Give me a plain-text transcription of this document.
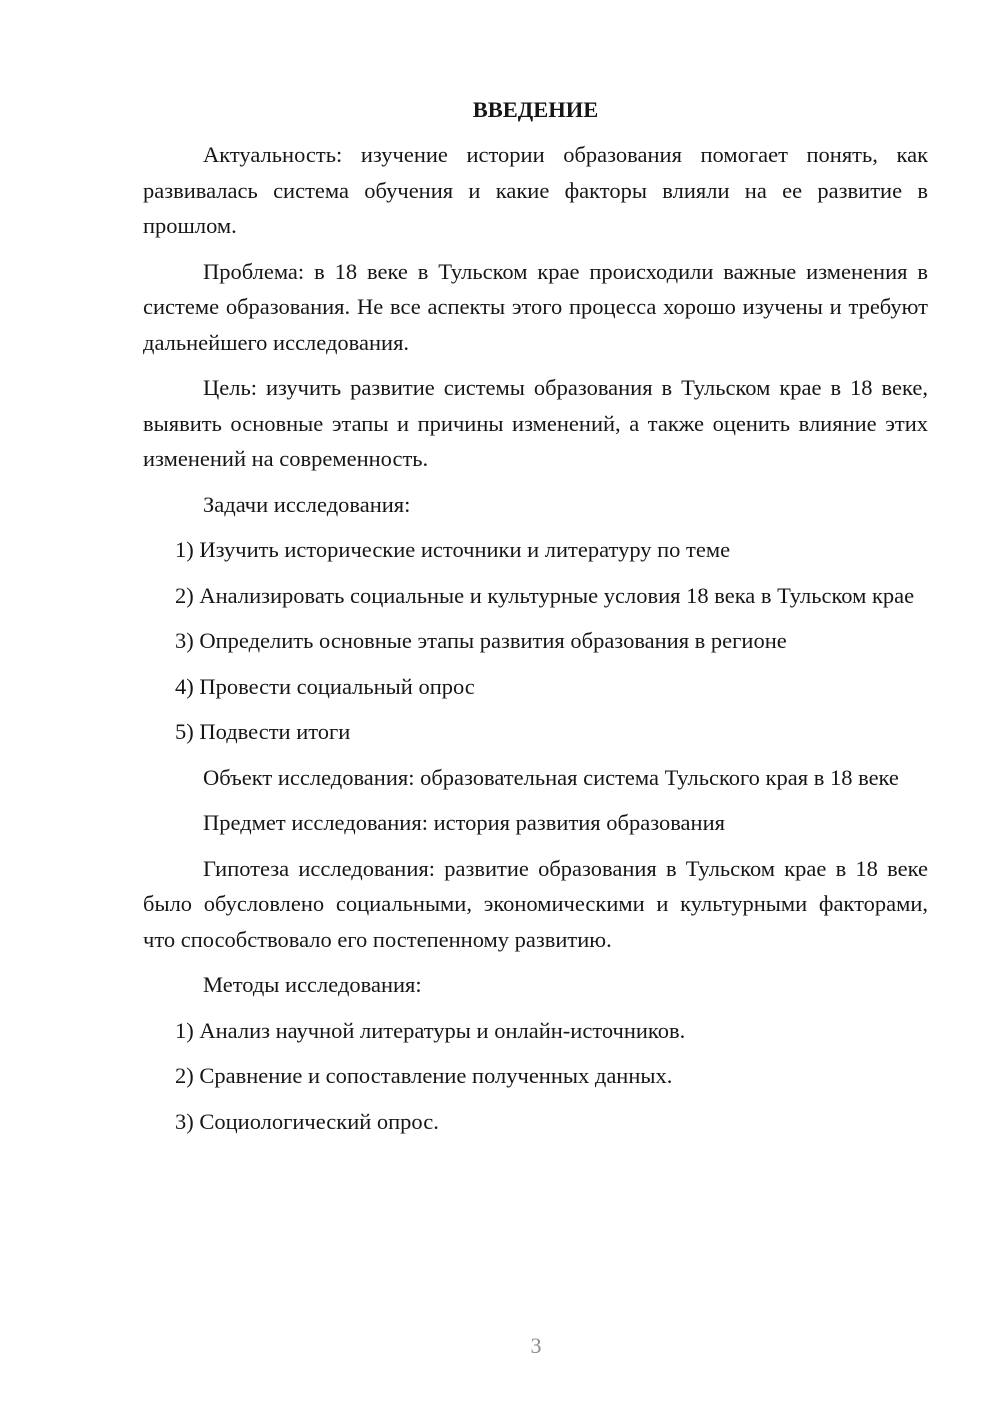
ВВЕДЕНИЕ

Актуальность: изучение истории образования помогает понять, как развивалась система обучения и какие факторы влияли на ее развитие в прошлом.

Проблема: в 18 веке в Тульском крае происходили важные изменения в системе образования. Не все аспекты этого процесса хорошо изучены и требуют дальнейшего исследования.

Цель: изучить развитие системы образования в Тульском крае в 18 веке, выявить основные этапы и причины изменений, а также оценить влияние этих изменений на современность.

Задачи исследования:

1) Изучить исторические источники и литературу по теме

2) Анализировать социальные и культурные условия 18 века в Тульском крае

3) Определить основные этапы развития образования в регионе

4) Провести социальный опрос

5) Подвести итоги

Объект исследования: образовательная система Тульского края в 18 веке

Предмет исследования: история развития образования

Гипотеза исследования: развитие образования в Тульском крае в 18 веке было обусловлено социальными, экономическими и культурными факторами, что способствовало его постепенному развитию.

Методы исследования:

1) Анализ научной литературы и онлайн-источников.

2) Сравнение и сопоставление полученных данных.

3) Социологический опрос.

3
